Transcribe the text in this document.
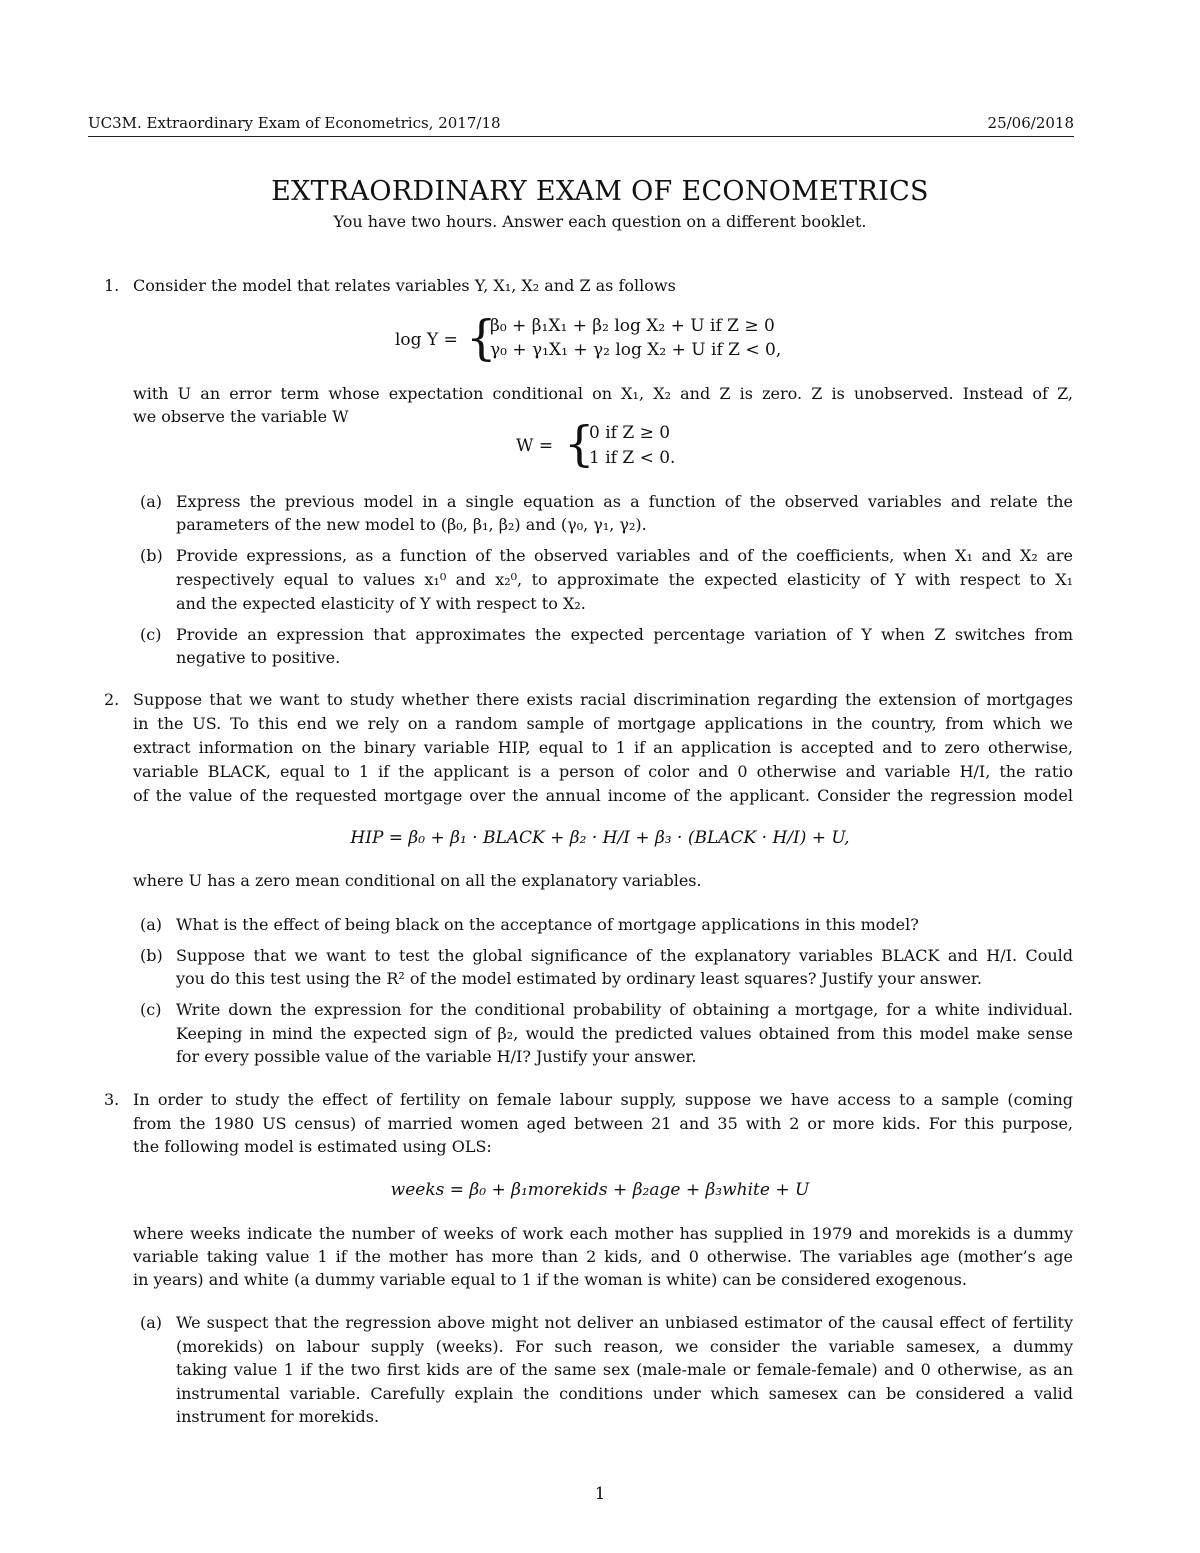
UC3M. Extraordinary Exam of Econometrics, 2017/18	25/06/2018
EXTRAORDINARY EXAM OF ECONOMETRICS
You have two hours. Answer each question on a different booklet.
1. Consider the model that relates variables Y, X₁, X₂ and Z as follows
log Y = {
β₀ + β₁X₁ + β₂ log X₂ + U if Z ≥ 0
γ₀ + γ₁X₁ + γ₂ log X₂ + U if Z < 0,
with U an error term whose expectation conditional on X₁, X₂ and Z is zero. Z is unobserved. Instead of Z,
we observe the variable W
W = {
0 if Z ≥ 0
1 if Z < 0.
(a) Express the previous model in a single equation as a function of the observed variables and relate the
parameters of the new model to (β₀, β₁, β₂) and (γ₀, γ₁, γ₂).
(b) Provide expressions, as a function of the observed variables and of the coefficients, when X₁ and X₂ are
respectively equal to values x₁⁰ and x₂⁰, to approximate the expected elasticity of Y with respect to X₁
and the expected elasticity of Y with respect to X₂.
(c) Provide an expression that approximates the expected percentage variation of Y when Z switches from
negative to positive.
2. Suppose that we want to study whether there exists racial discrimination regarding the extension of mortgages
in the US. To this end we rely on a random sample of mortgage applications in the country, from which we
extract information on the binary variable HIP, equal to 1 if an application is accepted and to zero otherwise,
variable BLACK, equal to 1 if the applicant is a person of color and 0 otherwise and variable H/I, the ratio
of the value of the requested mortgage over the annual income of the applicant. Consider the regression model
HIP = β₀ + β₁ · BLACK + β₂ · H/I + β₃ · (BLACK · H/I) + U,
where U has a zero mean conditional on all the explanatory variables.
(a) What is the effect of being black on the acceptance of mortgage applications in this model?
(b) Suppose that we want to test the global significance of the explanatory variables BLACK and H/I. Could
you do this test using the R² of the model estimated by ordinary least squares? Justify your answer.
(c) Write down the expression for the conditional probability of obtaining a mortgage, for a white individual.
Keeping in mind the expected sign of β₂, would the predicted values obtained from this model make sense
for every possible value of the variable H/I? Justify your answer.
3. In order to study the effect of fertility on female labour supply, suppose we have access to a sample (coming
from the 1980 US census) of married women aged between 21 and 35 with 2 or more kids. For this purpose,
the following model is estimated using OLS:
weeks = β₀ + β₁morekids + β₂age + β₃white + U
where weeks indicate the number of weeks of work each mother has supplied in 1979 and morekids is a dummy
variable taking value 1 if the mother has more than 2 kids, and 0 otherwise. The variables age (mother’s age
in years) and white (a dummy variable equal to 1 if the woman is white) can be considered exogenous.
(a) We suspect that the regression above might not deliver an unbiased estimator of the causal effect of fertility
(morekids) on labour supply (weeks). For such reason, we consider the variable samesex, a dummy
taking value 1 if the two first kids are of the same sex (male-male or female-female) and 0 otherwise, as an
instrumental variable. Carefully explain the conditions under which samesex can be considered a valid
instrument for morekids.
1
